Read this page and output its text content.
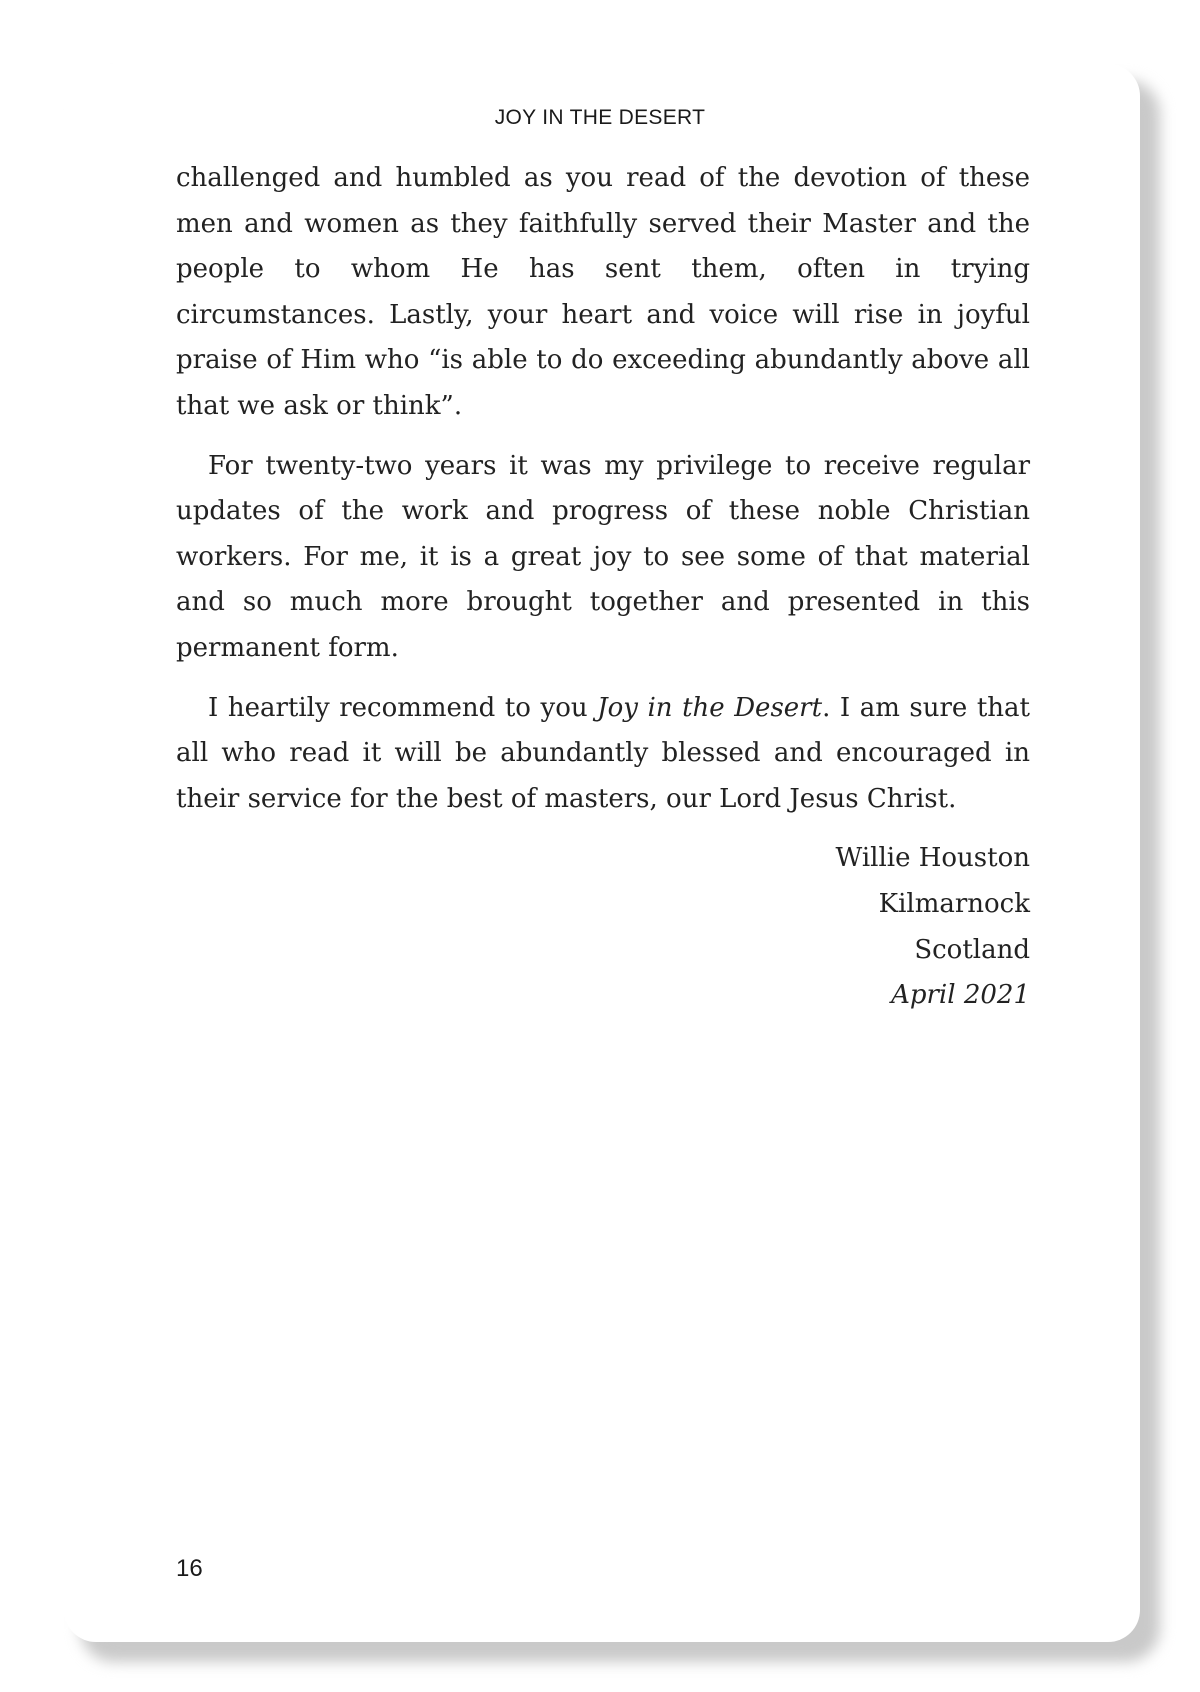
JOY IN THE DESERT

challenged and humbled as you read of the devotion of these men and women as they faithfully served their Master and the people to whom He has sent them, often in trying circumstances. Lastly, your heart and voice will rise in joyful praise of Him who “is able to do exceeding abundantly above all that we ask or think”.

For twenty-two years it was my privilege to receive regular updates of the work and progress of these noble Christian workers. For me, it is a great joy to see some of that material and so much more brought together and presented in this permanent form.

I heartily recommend to you Joy in the Desert. I am sure that all who read it will be abundantly blessed and encouraged in their service for the best of masters, our Lord Jesus Christ.

Willie Houston
Kilmarnock
Scotland
April 2021
16
